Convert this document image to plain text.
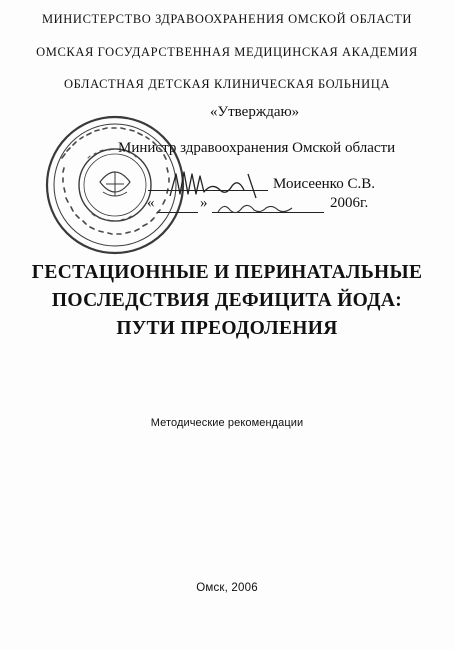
МИНИСТЕРСТВО ЗДРАВООХРАНЕНИЯ ОМСКОЙ ОБЛАСТИ
ОМСКАЯ ГОСУДАРСТВЕННАЯ МЕДИЦИНСКАЯ АКАДЕМИЯ
ОБЛАСТНАЯ ДЕТСКАЯ КЛИНИЧЕСКАЯ БОЛЬНИЦА
«Утверждаю»
Министр здравоохранения Омской области
Моисеенко С.В.
«	»	2006г.
ГЕСТАЦИОННЫЕ И ПЕРИНАТАЛЬНЫЕ
ПОСЛЕДСТВИЯ ДЕФИЦИТА ЙОДА:
ПУТИ ПРЕОДОЛЕНИЯ
Методические рекомендации
Омск, 2006
